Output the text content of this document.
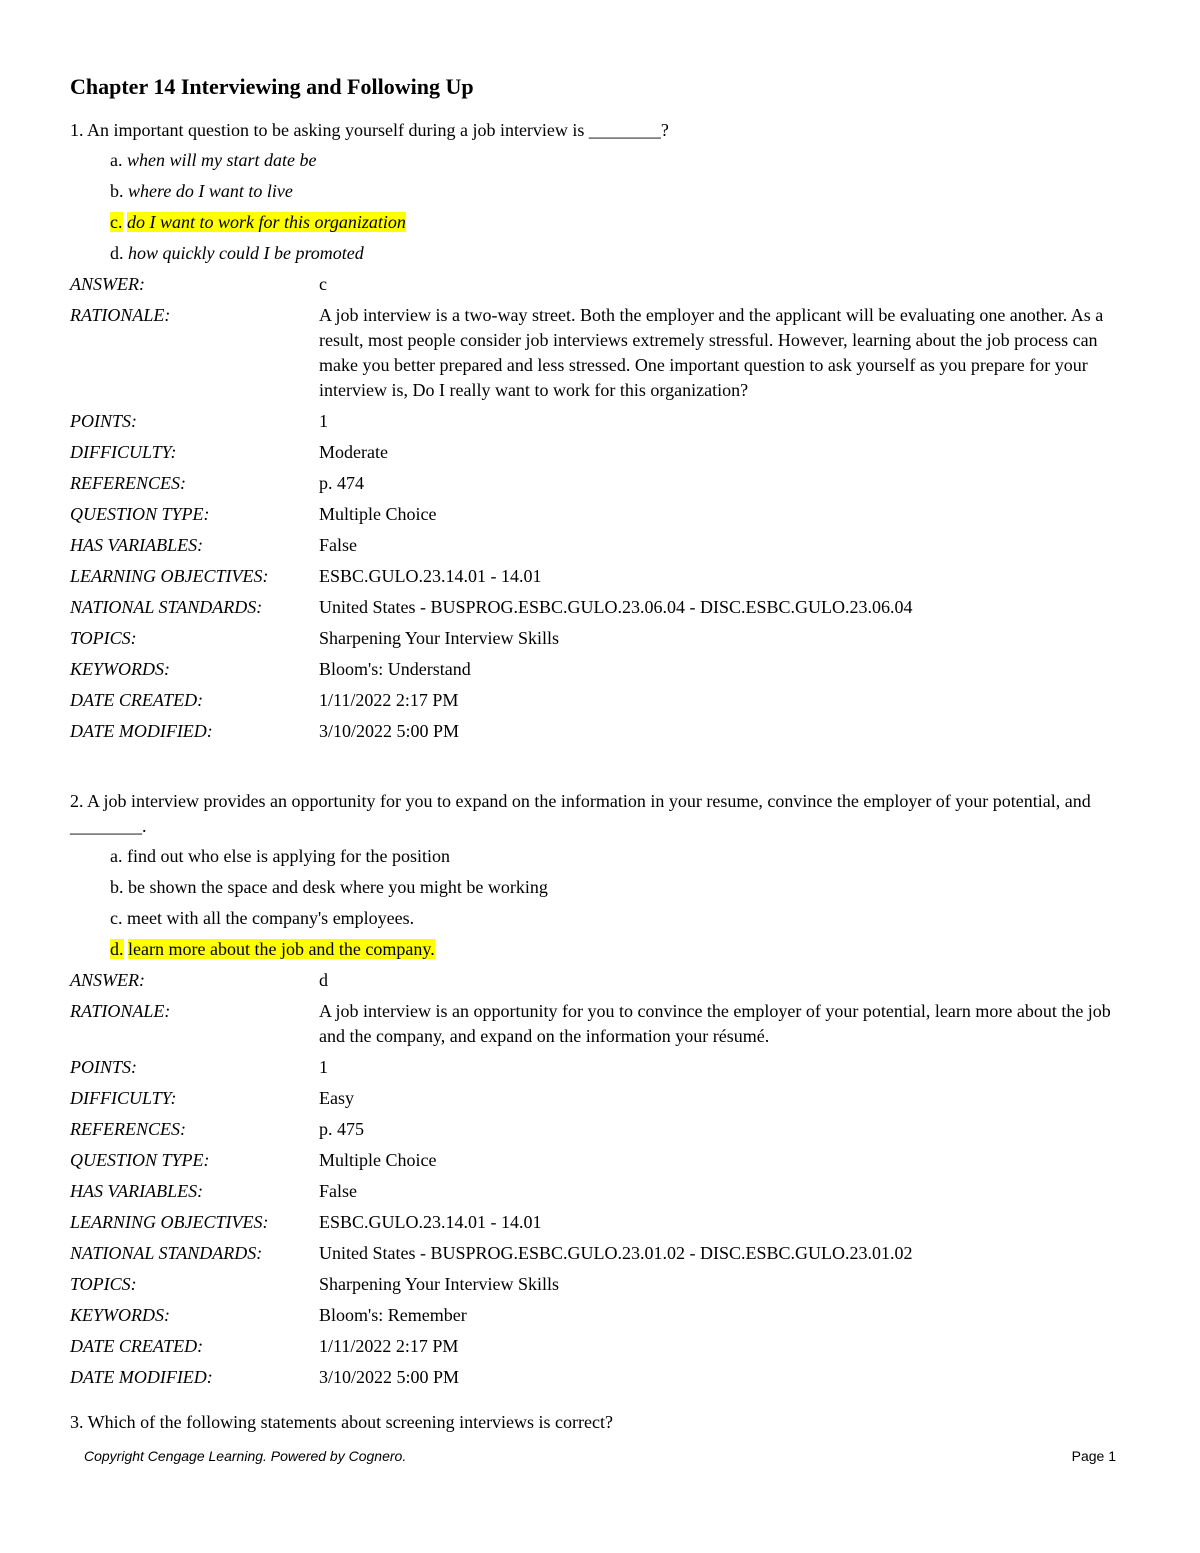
Chapter 14 Interviewing and Following Up

1. An important question to be asking yourself during a job interview is ________?

a. when will my start date be
b. where do I want to live
c. do I want to work for this organization
d. how quickly could I be promoted
ANSWER:	c
RATIONALE:	A job interview is a two-way street. Both the employer and the applicant will be evaluating one another. As a result, most people consider job interviews extremely stressful. However, learning about the job process can make you better prepared and less stressed. One important question to ask yourself as you prepare for your interview is, Do I really want to work for this organization?
POINTS:	1
DIFFICULTY:	Moderate
REFERENCES:	p. 474
QUESTION TYPE:	Multiple Choice
HAS VARIABLES:	False
LEARNING OBJECTIVES:	ESBC.GULO.23.14.01 - 14.01
NATIONAL STANDARDS:	United States - BUSPROG.ESBC.GULO.23.06.04 - DISC.ESBC.GULO.23.06.04
TOPICS:	Sharpening Your Interview Skills
KEYWORDS:	Bloom's: Understand
DATE CREATED:	1/11/2022 2:17 PM
DATE MODIFIED:	3/10/2022 5:00 PM

2. A job interview provides an opportunity for you to expand on the information in your resume, convince the employer of your potential, and ________.

a. find out who else is applying for the position
b. be shown the space and desk where you might be working
c. meet with all the company's employees.
d. learn more about the job and the company.
ANSWER:	d
RATIONALE:	A job interview is an opportunity for you to convince the employer of your potential, learn more about the job and the company, and expand on the information your résumé.
POINTS:	1
DIFFICULTY:	Easy
REFERENCES:	p. 475
QUESTION TYPE:	Multiple Choice
HAS VARIABLES:	False
LEARNING OBJECTIVES:	ESBC.GULO.23.14.01 - 14.01
NATIONAL STANDARDS:	United States - BUSPROG.ESBC.GULO.23.01.02 - DISC.ESBC.GULO.23.01.02
TOPICS:	Sharpening Your Interview Skills
KEYWORDS:	Bloom's: Remember
DATE CREATED:	1/11/2022 2:17 PM
DATE MODIFIED:	3/10/2022 5:00 PM

3. Which of the following statements about screening interviews is correct?

Copyright Cengage Learning. Powered by Cognero.	Page 1
